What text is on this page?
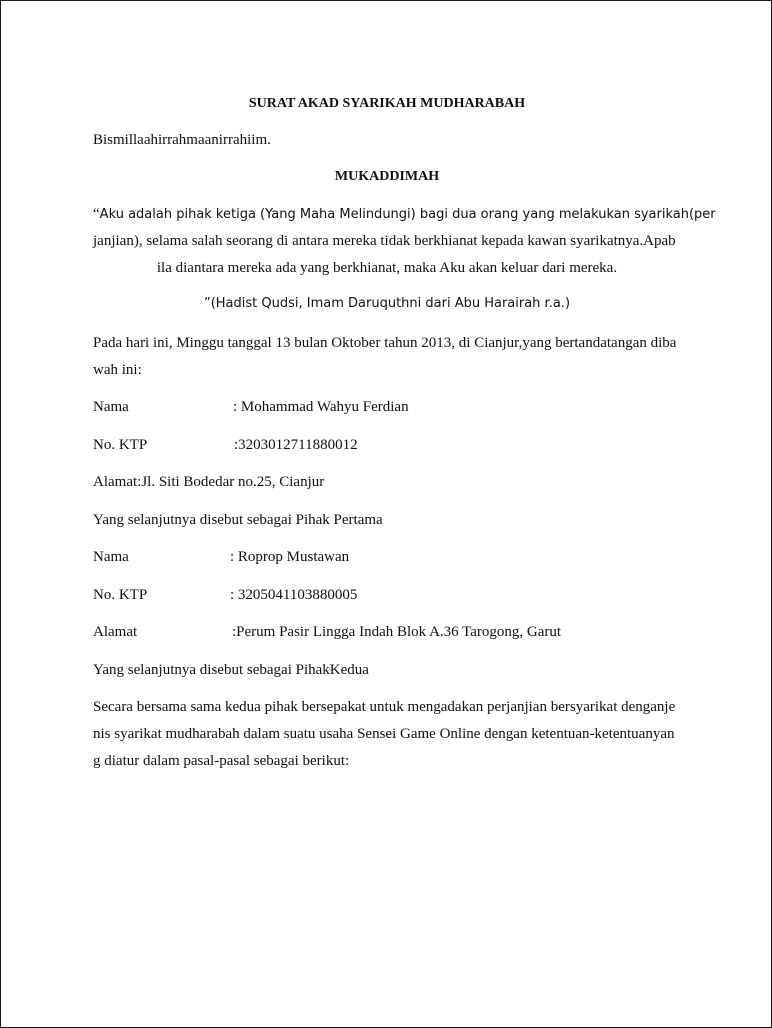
SURAT AKAD SYARIKAH MUDHARABAH
Bismillaahirrahmaanirrahiim.
MUKADDIMAH
“Aku adalah pihak ketiga (Yang Maha Melindungi) bagi dua orang yang melakukan syarikah(per
janjian), selama salah seorang di antara mereka tidak berkhianat kepada kawan syarikatnya.Apab
ila diantara mereka ada yang berkhianat, maka Aku akan keluar dari mereka.
”(Hadist Qudsi, Imam Daruquthni dari Abu Harairah r.a.)
Pada hari ini, Minggu tanggal 13 bulan Oktober tahun 2013, di Cianjur,yang bertandatangan diba
wah ini:
Nama	: Mohammad Wahyu Ferdian
No. KTP	:3203012711880012
Alamat:Jl. Siti Bodedar no.25, Cianjur
Yang selanjutnya disebut sebagai Pihak Pertama
Nama	: Roprop Mustawan
No. KTP	: 3205041103880005
Alamat	:Perum Pasir Lingga Indah Blok A.36 Tarogong, Garut
Yang selanjutnya disebut sebagai PihakKedua
Secara bersama sama kedua pihak bersepakat untuk mengadakan perjanjian bersyarikat denganje
nis syarikat mudharabah dalam suatu usaha Sensei Game Online dengan ketentuan-ketentuanyan
g diatur dalam pasal-pasal sebagai berikut:
